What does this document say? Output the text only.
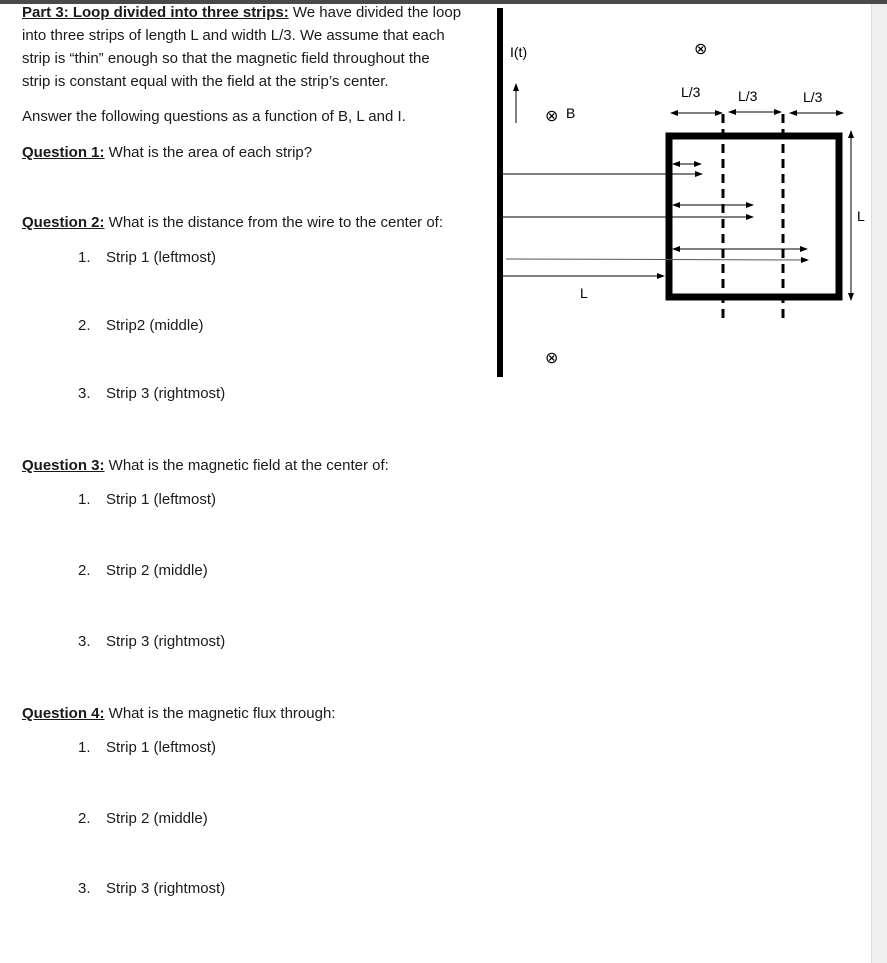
Part 3: Loop divided into three strips: We have divided the loop
into three strips of length L and width L/3. We assume that each
strip is “thin” enough so that the magnetic field throughout the
strip is constant equal with the field at the strip’s center.
Answer the following questions as a function of B, L and I.
Question 1: What is the area of each strip?
Question 2: What is the distance from the wire to the center of:
1. Strip 1 (leftmost)
2. Strip2 (middle)
3. Strip 3 (rightmost)
Question 3: What is the magnetic field at the center of:
1. Strip 1 (leftmost)
2. Strip 2 (middle)
3. Strip 3 (rightmost)
Question 4: What is the magnetic flux through:
1. Strip 1 (leftmost)
2. Strip 2 (middle)
3. Strip 3 (rightmost)
I(t)	⊗
⊗ B
⊗
L/3	L/3	L/3
L
L
